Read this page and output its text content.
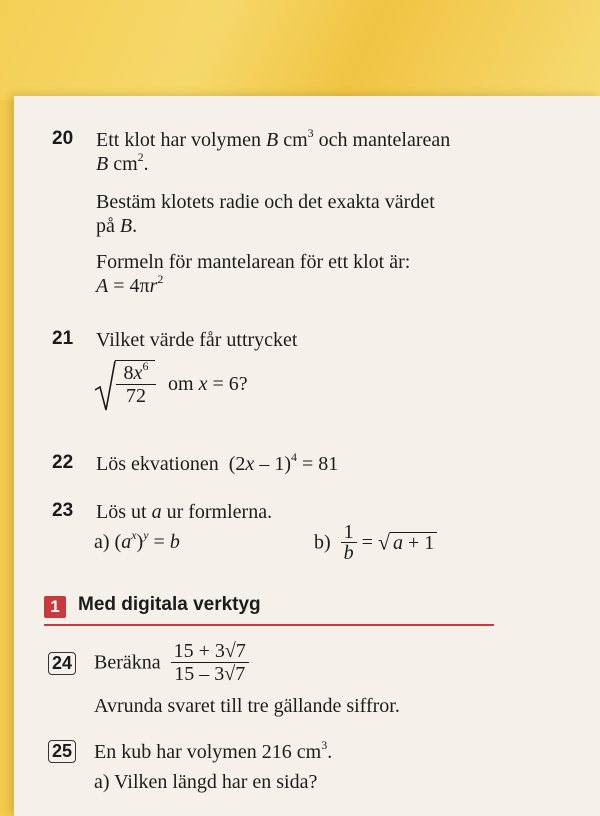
20 Ett klot har volymen B $cm^3$ och mantelarean
B $cm^2$.
Bestäm klotets radie och det exakta värdet
på B.
Formeln för mantelarean för ett klot är:
$A = 4\pi r^2$
21 Vilket värde får uttrycket
$\frac{8x^6}{72}$ om x = 6?
22 Lös ekvationen (2x – 1)$^4$ = 81
23 Lös ut a ur formlerna.
a) $(a^x)^y = b$	$b) \frac{1}{b}$ = √ a + 1
1 Med digitala verktyg
24 Beräkna $\frac{15 + 3√7}{15 - 3√7}$
Avrunda svaret till tre gällande siffror.
25 En kub har volymen 216 $cm^3$.
a) Vilken längd har en sida?
